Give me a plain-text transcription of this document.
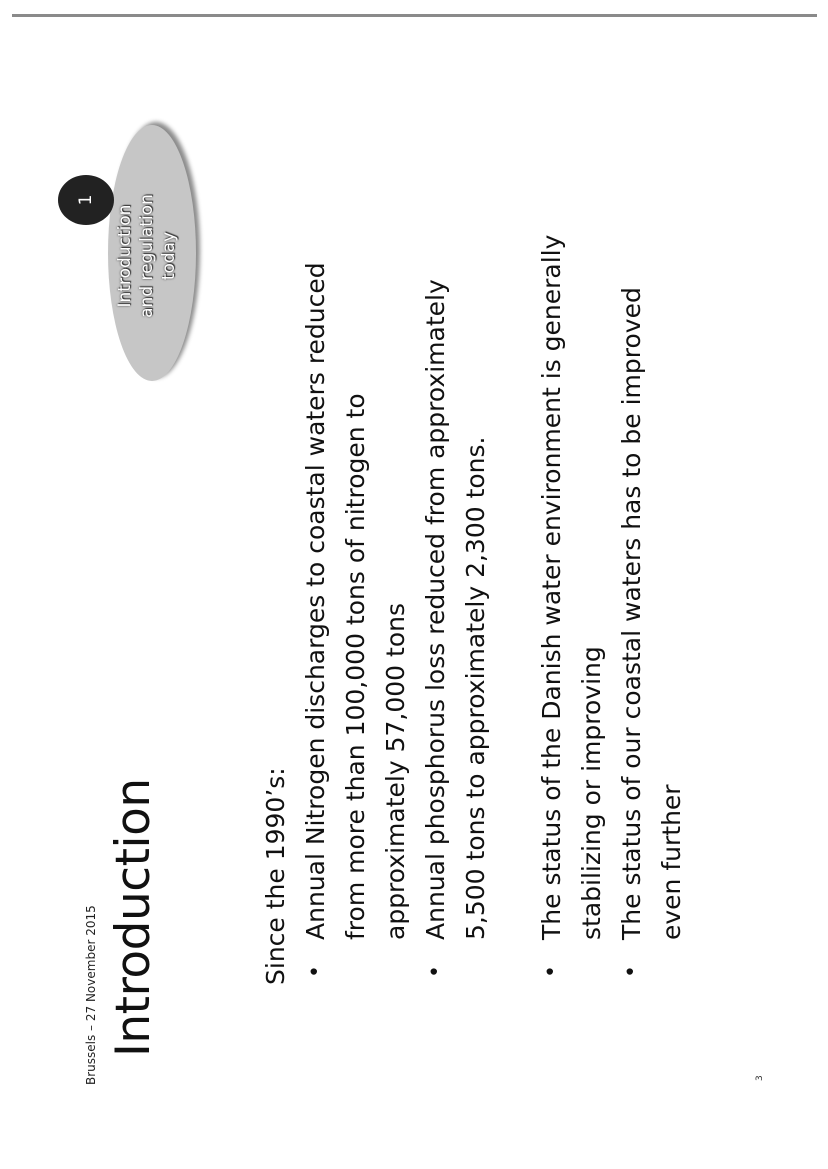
Brussels – 27 November 2015 Introduction
Introduction and regulation today
1

Since the 1990’s: •
Annual Nitrogen discharges to coastal waters reduced from more than 100,000 tons of nitrogen to approximately 57,000 tons
•
Annual phosphorus loss reduced from approximately 5,500 tons to approximately 2,300 tons.
•
The status of the Danish water environment is generally stabilizing or improving
•
The status of our coastal waters has to be improved even further
3
